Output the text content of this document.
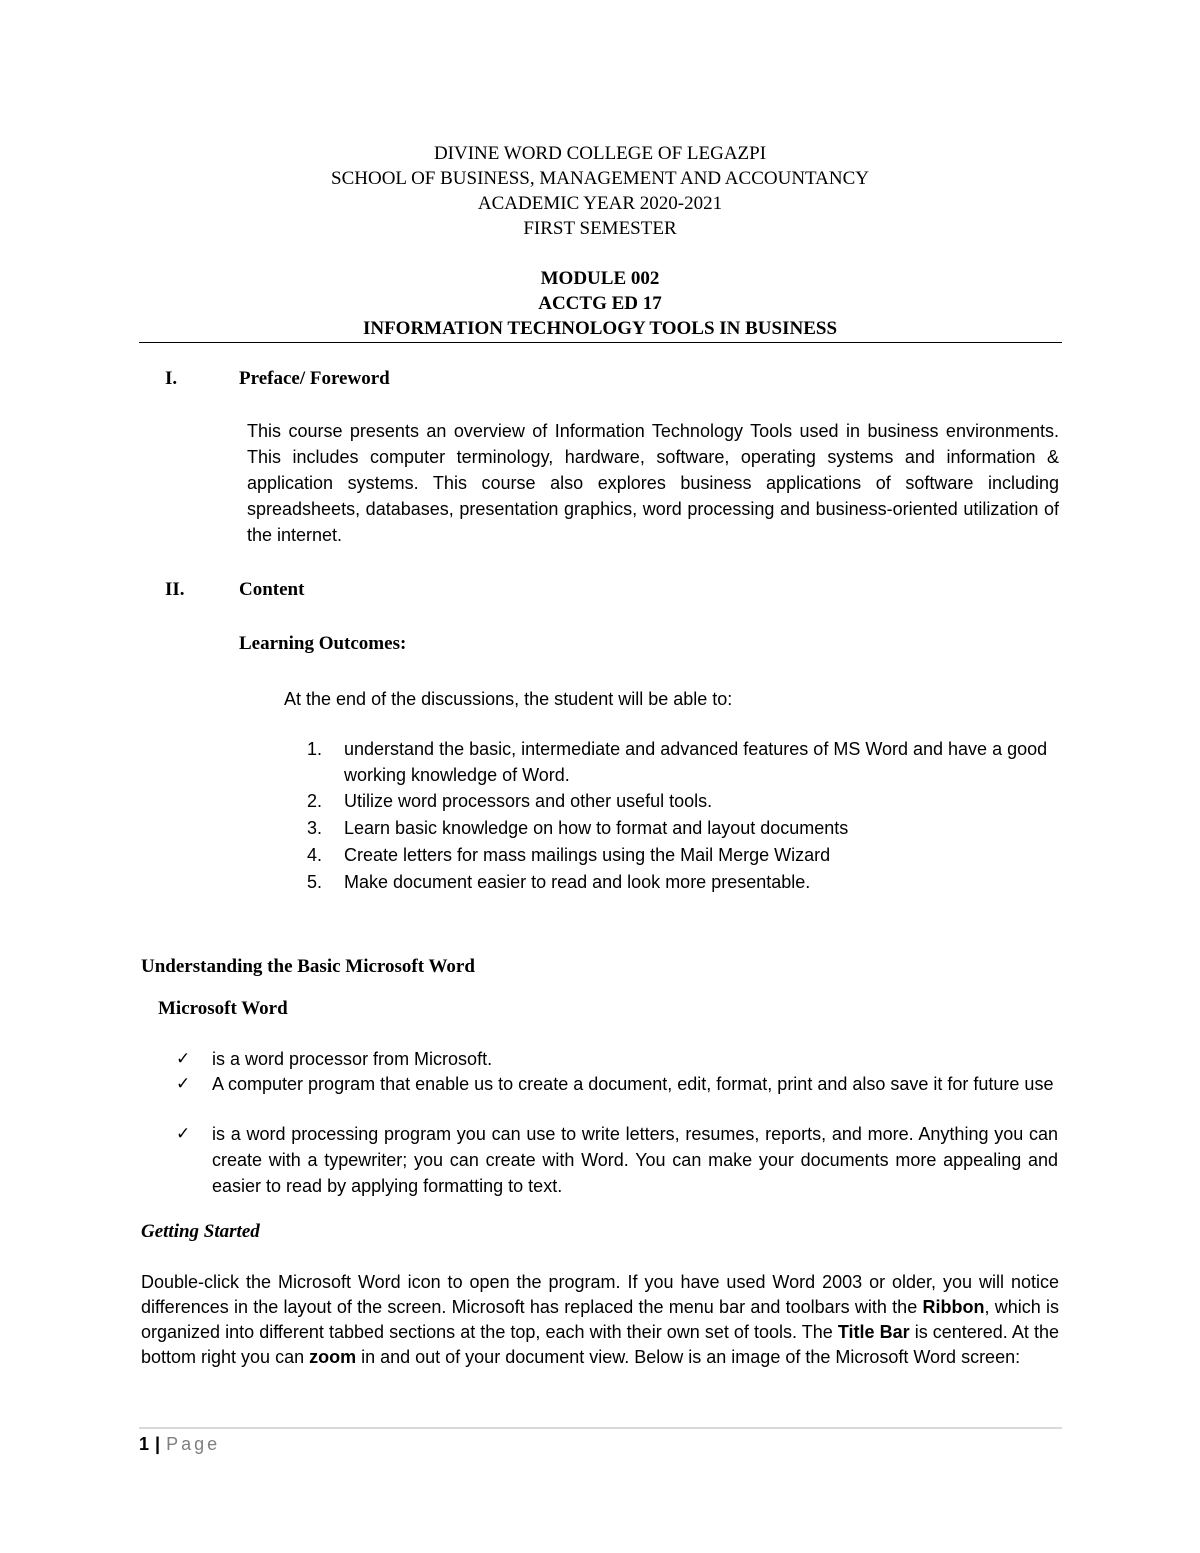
DIVINE WORD COLLEGE OF LEGAZPI
SCHOOL OF BUSINESS, MANAGEMENT AND ACCOUNTANCY
ACADEMIC YEAR 2020-2021
FIRST SEMESTER
MODULE 002
ACCTG ED 17
INFORMATION TECHNOLOGY TOOLS IN BUSINESS
I.	Preface/ Foreword
This course presents an overview of Information Technology Tools used in business environments. This includes computer terminology, hardware, software, operating systems and information & application systems. This course also explores business applications of software including spreadsheets, databases, presentation graphics, word processing and business-oriented utilization of the internet.
II.	Content
Learning Outcomes:
At the end of the discussions, the student will be able to:
1. understand the basic, intermediate and advanced features of MS Word and have a good working knowledge of Word.
2. Utilize word processors and other useful tools.
3. Learn basic knowledge on how to format and layout documents
4. Create letters for mass mailings using the Mail Merge Wizard
5. Make document easier to read and look more presentable.
Understanding the Basic Microsoft Word
Microsoft Word
✓ is a word processor from Microsoft.
✓ A computer program that enable us to create a document, edit, format, print and also save it for future use
✓ is a word processing program you can use to write letters, resumes, reports, and more. Anything you can create with a typewriter; you can create with Word. You can make your documents more appealing and easier to read by applying formatting to text.
Getting Started
Double-click the Microsoft Word icon to open the program. If you have used Word 2003 or older, you will notice differences in the layout of the screen. Microsoft has replaced the menu bar and toolbars with the Ribbon, which is organized into different tabbed sections at the top, each with their own set of tools. The Title Bar is centered. At the bottom right you can zoom in and out of your document view. Below is an image of the Microsoft Word screen:
1 | Page
